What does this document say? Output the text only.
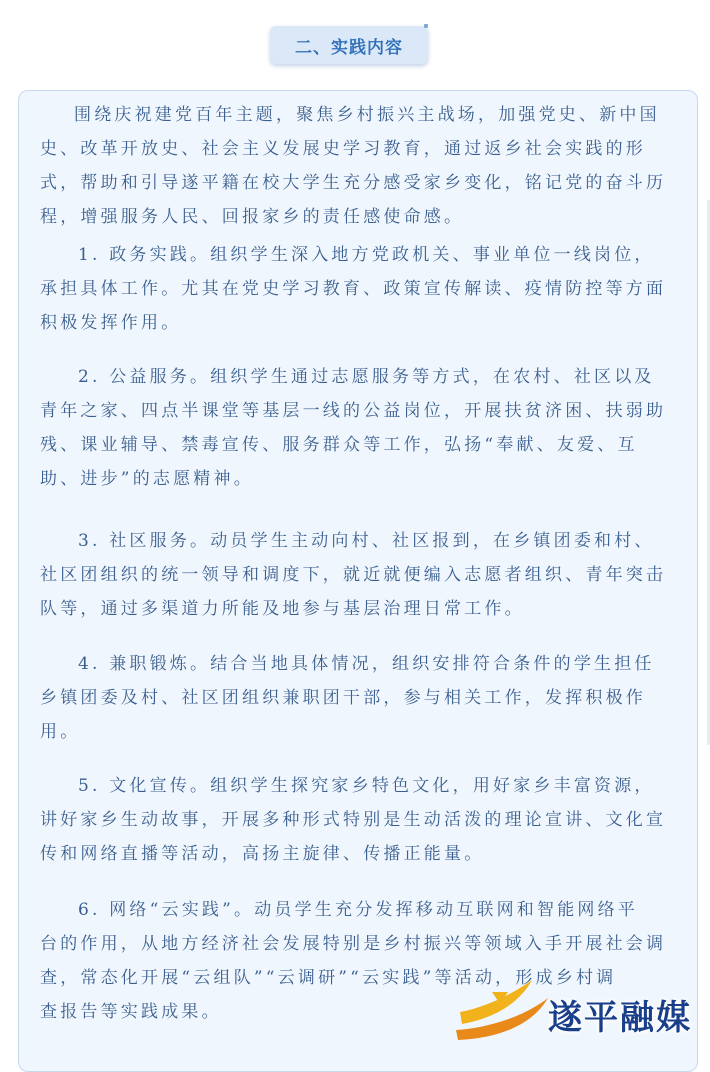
二、实践内容
围绕庆祝建党百年主题，聚焦乡村振兴主战场，加强党史、新中国
史、改革开放史、社会主义发展史学习教育，通过返乡社会实践的形
式，帮助和引导遂平籍在校大学生充分感受家乡变化，铭记党的奋斗历
程，增强服务人民、回报家乡的责任感使命感。
1. 政务实践。组织学生深入地方党政机关、事业单位一线岗位，
承担具体工作。尤其在党史学习教育、政策宣传解读、疫情防控等方面
积极发挥作用。
2. 公益服务。组织学生通过志愿服务等方式，在农村、社区以及
青年之家、四点半课堂等基层一线的公益岗位，开展扶贫济困、扶弱助
残、课业辅导、禁毒宣传、服务群众等工作，弘扬“奉献、友爱、互
助、进步”的志愿精神。
3. 社区服务。动员学生主动向村、社区报到，在乡镇团委和村、
社区团组织的统一领导和调度下，就近就便编入志愿者组织、青年突击
队等，通过多渠道力所能及地参与基层治理日常工作。
4. 兼职锻炼。结合当地具体情况，组织安排符合条件的学生担任
乡镇团委及村、社区团组织兼职团干部，参与相关工作，发挥积极作
用。
5. 文化宣传。组织学生探究家乡特色文化，用好家乡丰富资源，
讲好家乡生动故事，开展多种形式特别是生动活泼的理论宣讲、文化宣
传和网络直播等活动，高扬主旋律、传播正能量。
6. 网络“云实践”。动员学生充分发挥移动互联网和智能网络平
台的作用，从地方经济社会发展特别是乡村振兴等领域入手开展社会调
查，常态化开展“云组队”“云调研”“云实践”等活动，形成乡村调
查报告等实践成果。	遂平融媒
